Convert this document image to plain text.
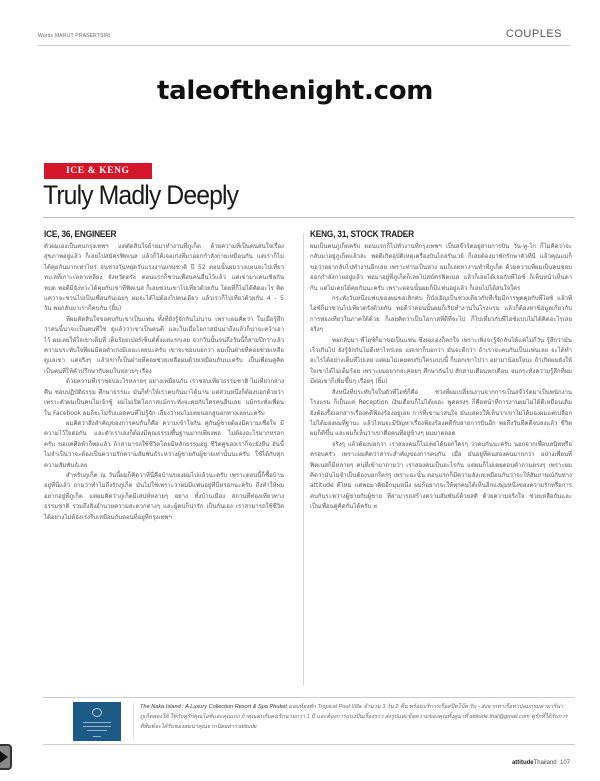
Words MARUT PRASERTSIRI	COUPLES
taleofthenight.com
ICE & KENG
Truly Madly Deeply
ICE, 36, ENGINEER

ตัวผมเองเป็นคนกรุงเทพฯ แต่ตัดสินใจย้ายมาทำงานที่ภูเก็ต ด้วยความที่เป็นคนสนใจเรื่องสุขภาพอยู่แล้ว ก็เลยไปสมัครฟิตเนส แล้วก็ได้เจอเก่งที่มาออกกำลังกายเหมือนกัน แต่เราก็ไม่ได้คุยกันมากเท่าไหร่ จนช่วงวันหยุดวันแรงงานแห่งชาติ ปี 52 ตอนนั้นผมวางแผนจะไปเที่ยวทะเลที่เกาะเหลาเหลียง จังหวัดตรัง ตอนแรกก็ชวนเพื่อนคนอื่นไว้แล้ว แต่เขามาเคนเซิลกันหมด พอดีมีจังหวะได้คุยกับเขาที่ฟิตเนส ก็เลยชวนเขาไปเที่ยวด้วยกัน โดยที่ก็ไม่ได้คิดอะไร คิดแค่ว่าจะชวนไปเป็นเพื่อนกันเฉยๆ ผมจะได้ไม่ต้องไปคนเดียว แล้วเราก็ไปเที่ยวด้วยกัน 4 - 5 วัน พอกลับมาเราก็คบกัน (ยิ้ม)

ที่ผมตัดสินใจขอคบกับเขาเป็นแฟน ทั้งที่ยังรู้จักกันไม่นาน เพราะผมคิดว่า ในเมื่อรู้สึกว่าคนนี้น่าจะเป็นคนที่ใช่ ดูแล้วว่าเขาเป็นคนดี และในเมื่อโอกาสมันมาถึงแล้วก็น่าจะคว้าเอาไว้ ผมเลยให้ใจเขาเต็มที่ เต็มร้อยเปอร์เซ็นต์ตั้งแต่แรกเลย จากวันนั้นจนถึงวันนี้ก็สามปีกว่าแล้ว ความประทับใจที่ผมมีต่อตัวเก่งมีเยอะเลยนะครับ เขาจะชอบบอกว่า ผมเป็นฝ่ายที่คอยช่วยเหลือดูแลเขา แต่จริงๆ แล้วเขาก็เป็นฝ่ายที่คอยช่วยเหลือผมด้วยเหมือนกันนะครับ เป็นเพื่อนคู่คิด เป็นคนที่ให้คำปรึกษากับผมในหลายๆ เรื่อง

ด้วยความที่เราชอบอะไรหลายๆ อย่างเหมือนกัน เราชอบเที่ยวธรรมชาติ ไม่เที่ยวกลางคืน ชอบปฏิบัติธรรม ศึกษาธรรมะ มันก็ทำให้เราคบกันมาได้นาน แต่ส่วนหนึ่งก็ต้องบอกด้วยว่า เพราะตัวผมเป็นคนไม่เจ้าชู้ ผมไม่เปิดโอกาสแม้กระทั่งจะคุยกับใครคนอื่นเลย แม้กระทั่งเพื่อนใน Facebook ผมก็จะไม่รับแอดคนที่ไม่รู้จัก เลี่ยงว่าผมไม่เคยนอกลู่นอกทางเลยนะครับ

ผมคิดว่าสิ่งสำคัญของการคบกันก็คือ ความเข้าใจกัน คู่กันผู้ชายต้องมีความเชื่อใจ มีความไว้ใจต่อกัน และตัวเราเองก็ต้องมีคุณธรรมพื้นฐานมากเพียงพอ ไม่ต้องอะไรมากหรอกครับ ขอแค่ศีลห้าก็พอแล้ว ถ้าสามารถใช้ชีวิตโดยมีหลักธรรมอยู่ ชีวิตคู่ของเราก็จะยั่งยืน อันนี้ไม่จำเป็นว่าจะต้องเป็นความรักความสัมพันธ์ระหว่างผู้ชายกับผู้ชายเท่านั้นนะครับ ใช้ได้กับทุกความสัมพันธ์เลย

สำหรับภูเก็ต ณ วันนี้ผมก็คิดว่าที่นี่คือบ้านของผมไปแล้วนะครับ เพราะตอนนี้ก็ซื้อบ้านอยู่ที่นี่แล้ว ถามว่าทำไมถึงรักภูเก็ต มันไม่ใช่เพราะว่าผมมีแฟนอยู่ที่นี่หรอกนะครับ ถึงทำให้ผมอยากอยู่ที่ภูเก็ต แต่ผมคิดว่าภูเก็ตมีเสน่ห์หลายๆ อย่าง ทั้งบ้านเมือง สถานที่ท่องเที่ยวทางธรรมชาติ รวมถึงสิ่งอำนวยความสะดวกต่างๆ และผู้คนก็น่ารัก เป็นกันเอง เราสามารถใช้ชีวิตได้อย่างไม่ต้องเร่งรีบเหมือนกับตอนที่อยู่ที่กรุงเทพฯ

KENG, 31, STOCK TRADER

ผมเป็นคนภูเก็ตครับ ตอนแรกก็ไปทำงานที่กรุงเทพฯ เป็นสจ๊วร์ตอยู่สายการบิน วัน-ทู-โก ก็ไม่คิดว่าจะกลับมาอยู่ภูเก็ตแล้วล่ะ พอดีเกิดอุบัติเหตุเครื่องบินไถลรันเวย์ ก็เลยต้องมาพักรักษาตัวที่นี่ แล้วคุณแม่ก็ขอว่าอย่ากลับไปทำงานอีกเลย เพราะท่านเป็นห่วง ผมก็เลยหางานทำที่ภูเก็ต ด้วยความที่ผมเป็นคนชอบออกกำลังกายอยู่แล้ว พอมาอยู่ที่ภูเก็ตก็เลยไปสมัครฟิตเนส แล้วก็เลยได้เจอกับพี่ไอซ์ ก็เห็นหน้าเห็นตากัน แต่ไม่เคยได้คุยกันนะครับ เพราะตอนนั้นผมก็มีแฟนอยู่แล้ว ก็เลยไม่ได้สนใจใคร

กระทั่งวันหนึ่งแฟนของผมขอเลิกคบ ก็บังเอิญเป็นช่วงเดียวกับที่เริ่มมีการพูดคุยกับพี่ไอซ์ แล้วพี่ไอซ์ก็มาชวนไปเที่ยวตรังด้วยกัน พอดีว่าตอนนั้นผมก็เริ่มทำงานในโรงแรม แล้วก็ต้องหาข้อมูลเกี่ยวกับการท่องเที่ยวในภาคใต้ด้วย ก็เลยคิดว่าเป็นโอกาสที่ดีที่จะไป ก็ไปเที่ยวกับพี่ไอซ์แบบไม่ได้คิดอะไรเลยจริงๆ

พอกลับมา พี่ไอซ์ก็มาขอเป็นแฟน ซึ่งผมเองก็ตกใจ เพราะเพิ่งจะรู้จักกันได้แค่ไม่กี่วัน รู้สึกว่ามันเร็วเกินไป ยังรู้จักกันไม่ดีเท่าไหร่เลย แต่เขาก็บอกว่า มันจะดีกว่า ถ้าเราจะคบกันเป็นแฟนเลย จะได้ทำอะไรได้อย่างเต็มที่ไปเลย แต่ผมไม่เคยคบกับใครแบบนี้ ก็บอกเขาไปว่า อย่ามาน้อยใจนะ ถ้าเกิดผมยังให้ใจเขาได้ไม่เต็มร้อย เพราะผมอยากจะค่อยๆ ศึกษากันไป สักสามเดือนหกเดือน จนกระทั่งความรู้สึกที่ผมมีต่อเขาก็เพิ่มขึ้นๆ เรื่อยๆ (ยิ้ม)

สิ่งหนึ่งที่ประทับใจในตัวพี่ไอซ์ก็คือ ช่วงที่ผมเปลี่ยนงานจากการเป็นสจ๊วร์ตมาเป็นพนักงานโรงแรม ก็เป็นแค่ Reception เงินเดือนก็ไม่ได้เยอะ พูดตรงๆ ก็คือหน้าที่การงานผมไม่ได้ดีเหมือนเดิม ยังต้องรื้อเอกสารเรื่องคดีฟ้องร้องอยู่เลย การที่เขามาสนใจ มันแสดงให้เห็นว่าเขาไม่ได้มองผมแค่เปลือก ไม่ได้มองผมที่ฐานะ แล้วไหนจะมีปัญหาเรื่องฟ้องร้องคดีกับสายการบินอีก พอถึงวันที่คดีจบลงแล้ว ชีวิตผมก็ดีขึ้น และผมก็เห็นว่าเขาคือคนที่อยู่ข้างๆ ผมมาตลอด

จริงๆ แล้วต้องบอกว่า เราสองคนก็ไม่เคยได้บอกใครๆ ว่าคบกันนะครับ นอกจากเพื่อนสนิทหรือครอบครัว เพราะผมคิดว่าสาระสำคัญของการคบกัน เมื่อ มันอยู่ที่คนสองคนมากกว่า อย่างเพื่อนที่ฟิตเนสก็มีหลายๆ คนที่เข้ามาถามว่า เราสองคนเป็นอะไรกัน แต่ผมก็ไม่เคยตอบคำถามตรงๆ เพราะผมคิดว่ามันไม่จำเป็นต้องบอกใครๆ เพราะฉะนั้น ตอนแรกก็มีความลังเลเหมือนกันว่าจะให้สัมภาษณ์กับทาง attitude ดีไหม แต่พอมาคิดอีกมุมหนึ่ง ผมก็อยากจะให้ทุกคนได้เห็นอีกแง่มุมหนึ่งของความรักหรือการคบกันระหว่างผู้ชายกับผู้ชาย ที่สามารถสร้างความสัมพันธ์ด้วยสติ ด้วยความจริงใจ ช่วยเหลือกันและเป็นเพื่อนคู่คิดกันได้ครับ ¤

The Naka Island : A Luxury Collection Resort & Spa Phuket มอบห้องพัก Tropical Pool Villa จำนวน 3 วัน 2 คืน พร้อมบริการเรือสปีดโบ๊ต รับ - ส่งจากท่าเรือท่าปอมกรมค่ามาริน่าภูเก็ตสองใต้ ให้กับคู่รักคุณไอซ์และคุณเก่ง ถ้าคุณคบกับคนรักนานกว่า 1 ปี และต้องการแบ่งปันเรื่องราว ส่งรูปและข้อความของคุณทั้งคู่มาที่ attitude.thai@gmail.com คู่รักที่ได้รับการตีพิมพ์จะได้รับของสมนาคุณจากนิตยสาร attitude
attitudeThailand 107
